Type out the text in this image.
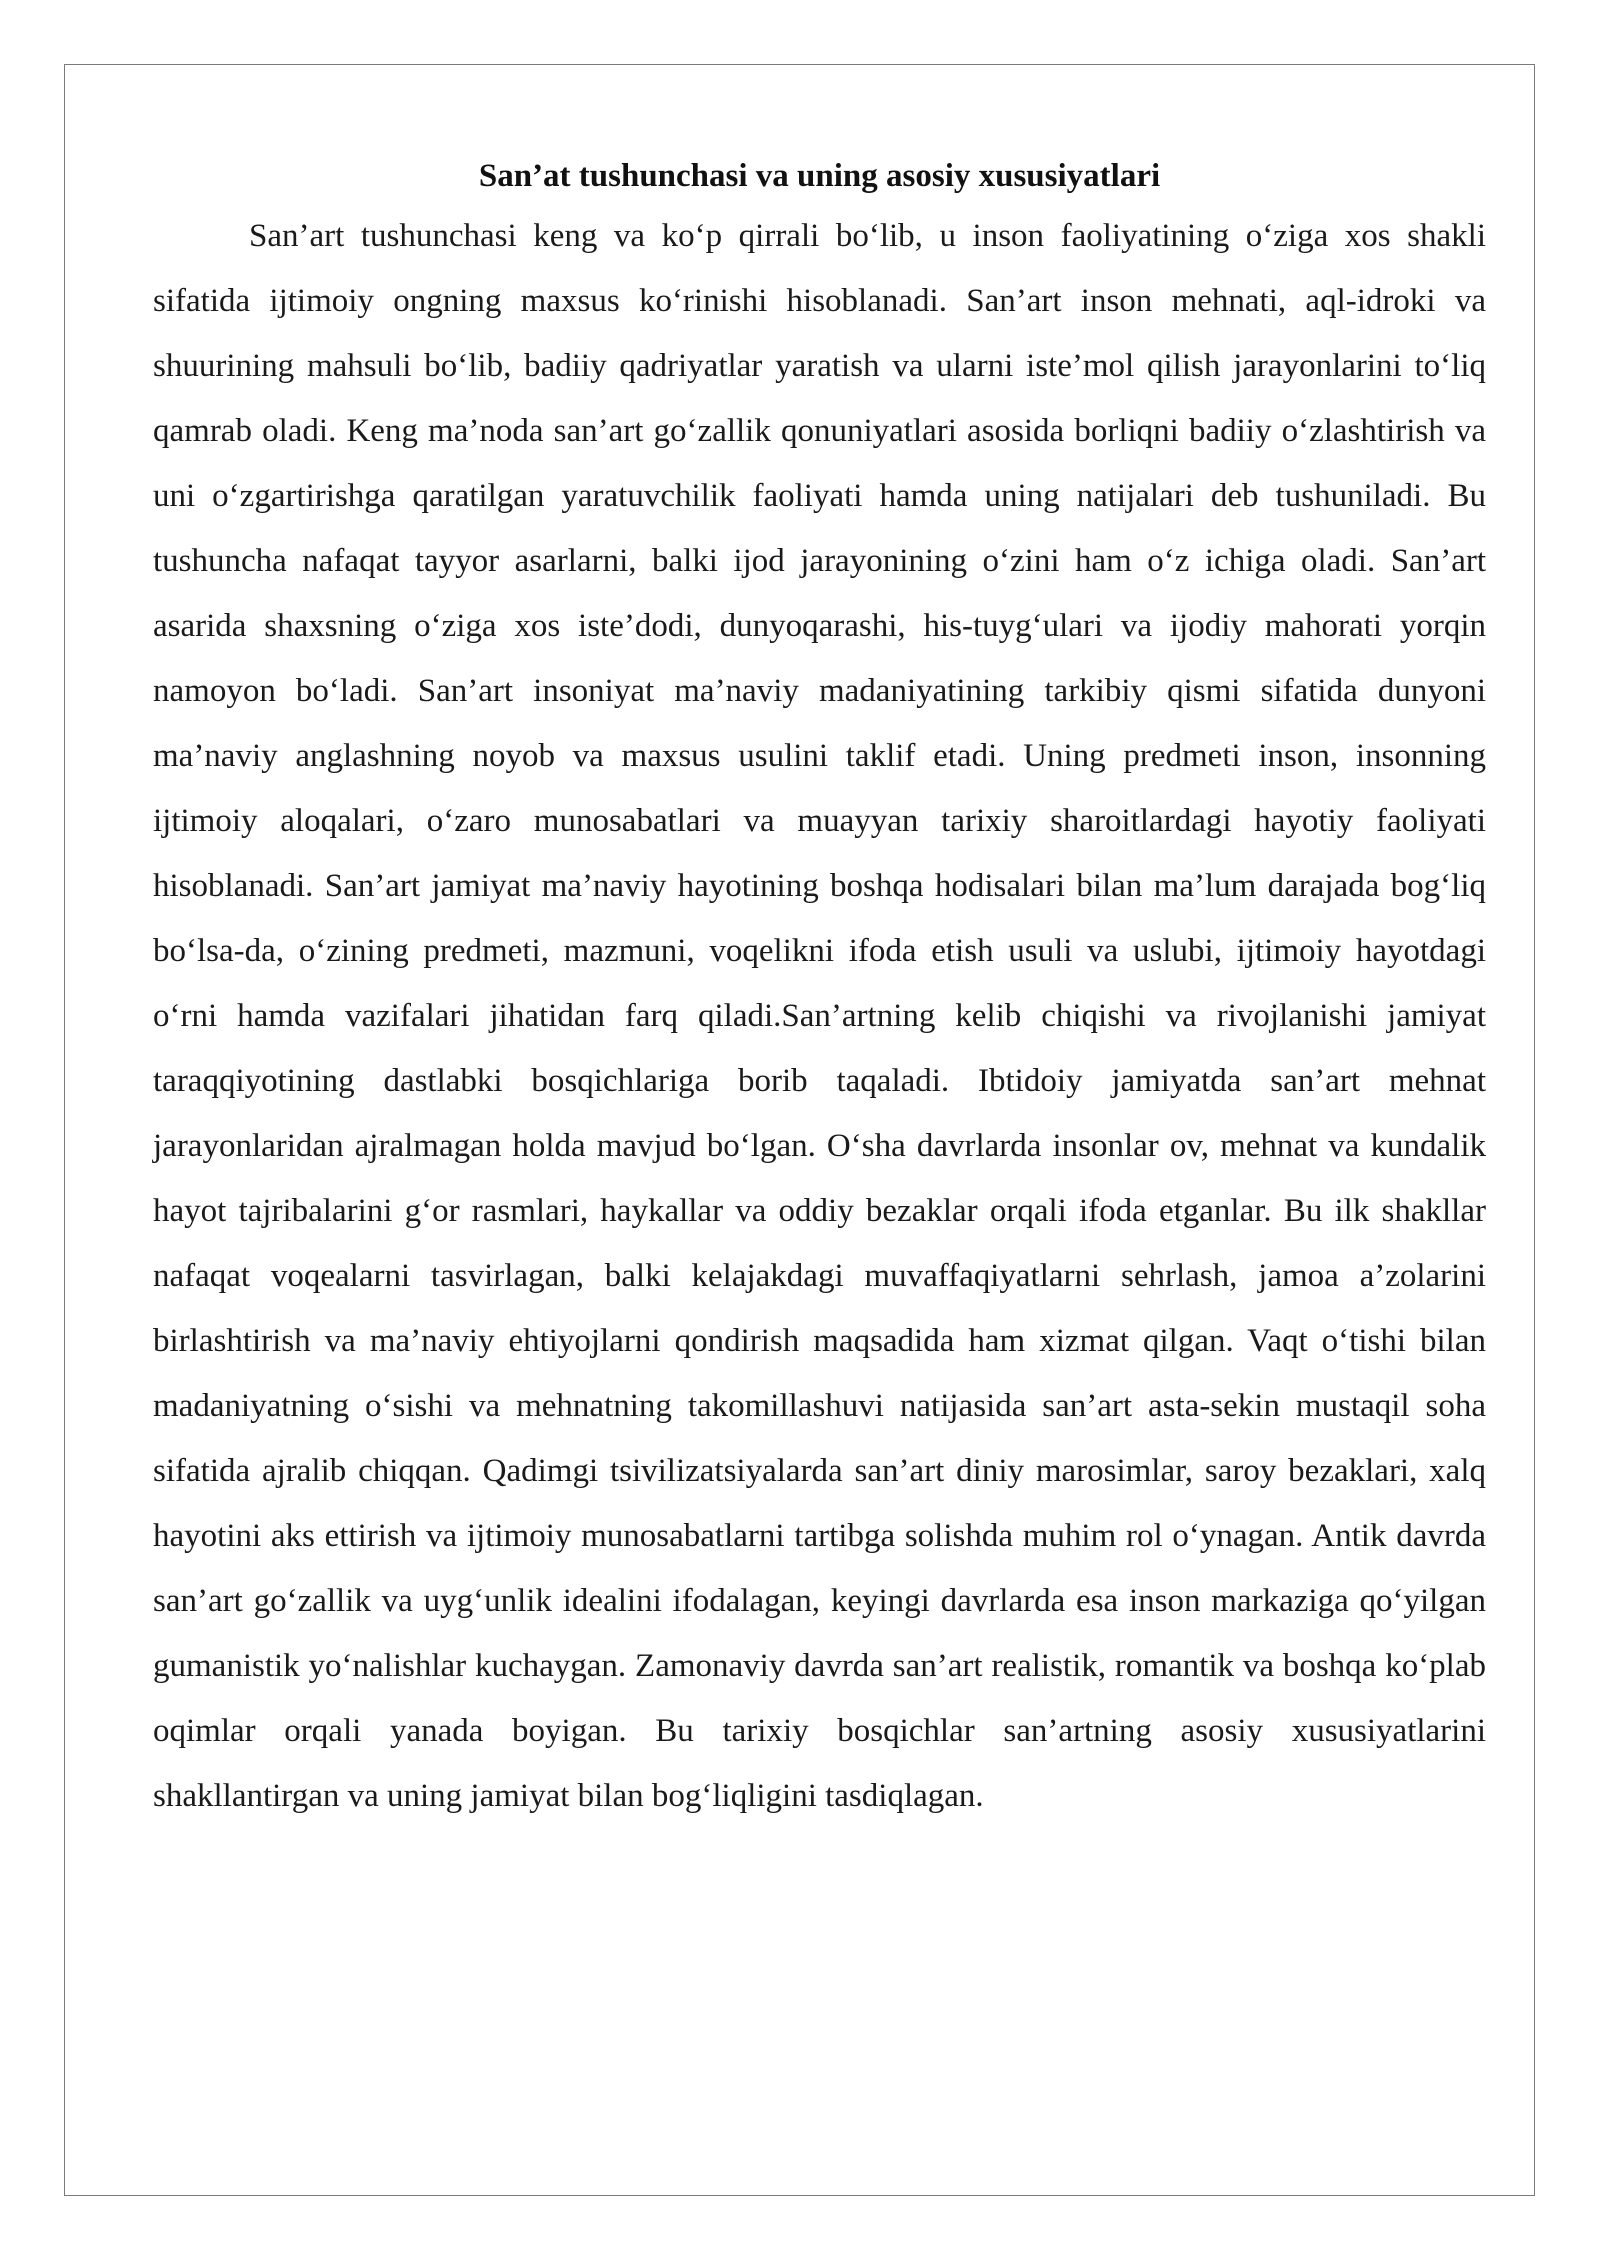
San’at tushunchasi va uning asosiy xususiyatlari

San’art tushunchasi keng va ko‘p qirrali bo‘lib, u inson faoliyatining o‘ziga xos shakli sifatida ijtimoiy ongning maxsus ko‘rinishi hisoblanadi. San’art inson mehnati, aql-idroki va shuurining mahsuli bo‘lib, badiiy qadriyatlar yaratish va ularni iste’mol qilish jarayonlarini to‘liq qamrab oladi. Keng ma’noda san’art go‘zallik qonuniyatlari asosida borliqni badiiy o‘zlashtirish va uni o‘zgartirishga qaratilgan yaratuvchilik faoliyati hamda uning natijalari deb tushuniladi. Bu tushuncha nafaqat tayyor asarlarni, balki ijod jarayonining o‘zini ham o‘z ichiga oladi. San’art asarida shaxsning o‘ziga xos iste’dodi, dunyoqarashi, his-tuyg‘ulari va ijodiy mahorati yorqin namoyon bo‘ladi. San’art insoniyat ma’naviy madaniyatining tarkibiy qismi sifatida dunyoni ma’naviy anglashning noyob va maxsus usulini taklif etadi. Uning predmeti inson, insonning ijtimoiy aloqalari, o‘zaro munosabatlari va muayyan tarixiy sharoitlardagi hayotiy faoliyati hisoblanadi. San’art jamiyat ma’naviy hayotining boshqa hodisalari bilan ma’lum darajada bog‘liq bo‘lsa-da, o‘zining predmeti, mazmuni, voqelikni ifoda etish usuli va uslubi, ijtimoiy hayotdagi o‘rni hamda vazifalari jihatidan farq qiladi.San’artning kelib chiqishi va rivojlanishi jamiyat taraqqiyotining dastlabki bosqichlariga borib taqaladi. Ibtidoiy jamiyatda san’art mehnat jarayonlaridan ajralmagan holda mavjud bo‘lgan. O‘sha davrlarda insonlar ov, mehnat va kundalik hayot tajribalarini g‘or rasmlari, haykallar va oddiy bezaklar orqali ifoda etganlar. Bu ilk shakllar nafaqat voqealarni tasvirlagan, balki kelajakdagi muvaffaqiyatlarni sehrlash, jamoa a’zolarini birlashtirish va ma’naviy ehtiyojlarni qondirish maqsadida ham xizmat qilgan. Vaqt o‘tishi bilan madaniyatning o‘sishi va mehnatning takomillashuvi natijasida san’art asta-sekin mustaqil soha sifatida ajralib chiqqan. Qadimgi tsivilizatsiyalarda san’art diniy marosimlar, saroy bezaklari, xalq hayotini aks ettirish va ijtimoiy munosabatlarni tartibga solishda muhim rol o‘ynagan. Antik davrda san’art go‘zallik va uyg‘unlik idealini ifodalagan, keyingi davrlarda esa inson markaziga qo‘yilgan gumanistik yo‘nalishlar kuchaygan. Zamonaviy davrda san’art realistik, romantik va boshqa ko‘plab oqimlar orqali yanada boyigan. Bu tarixiy bosqichlar san’artning asosiy xususiyatlarini shakllantirgan va uning jamiyat bilan bog‘liqligini tasdiqlagan.
